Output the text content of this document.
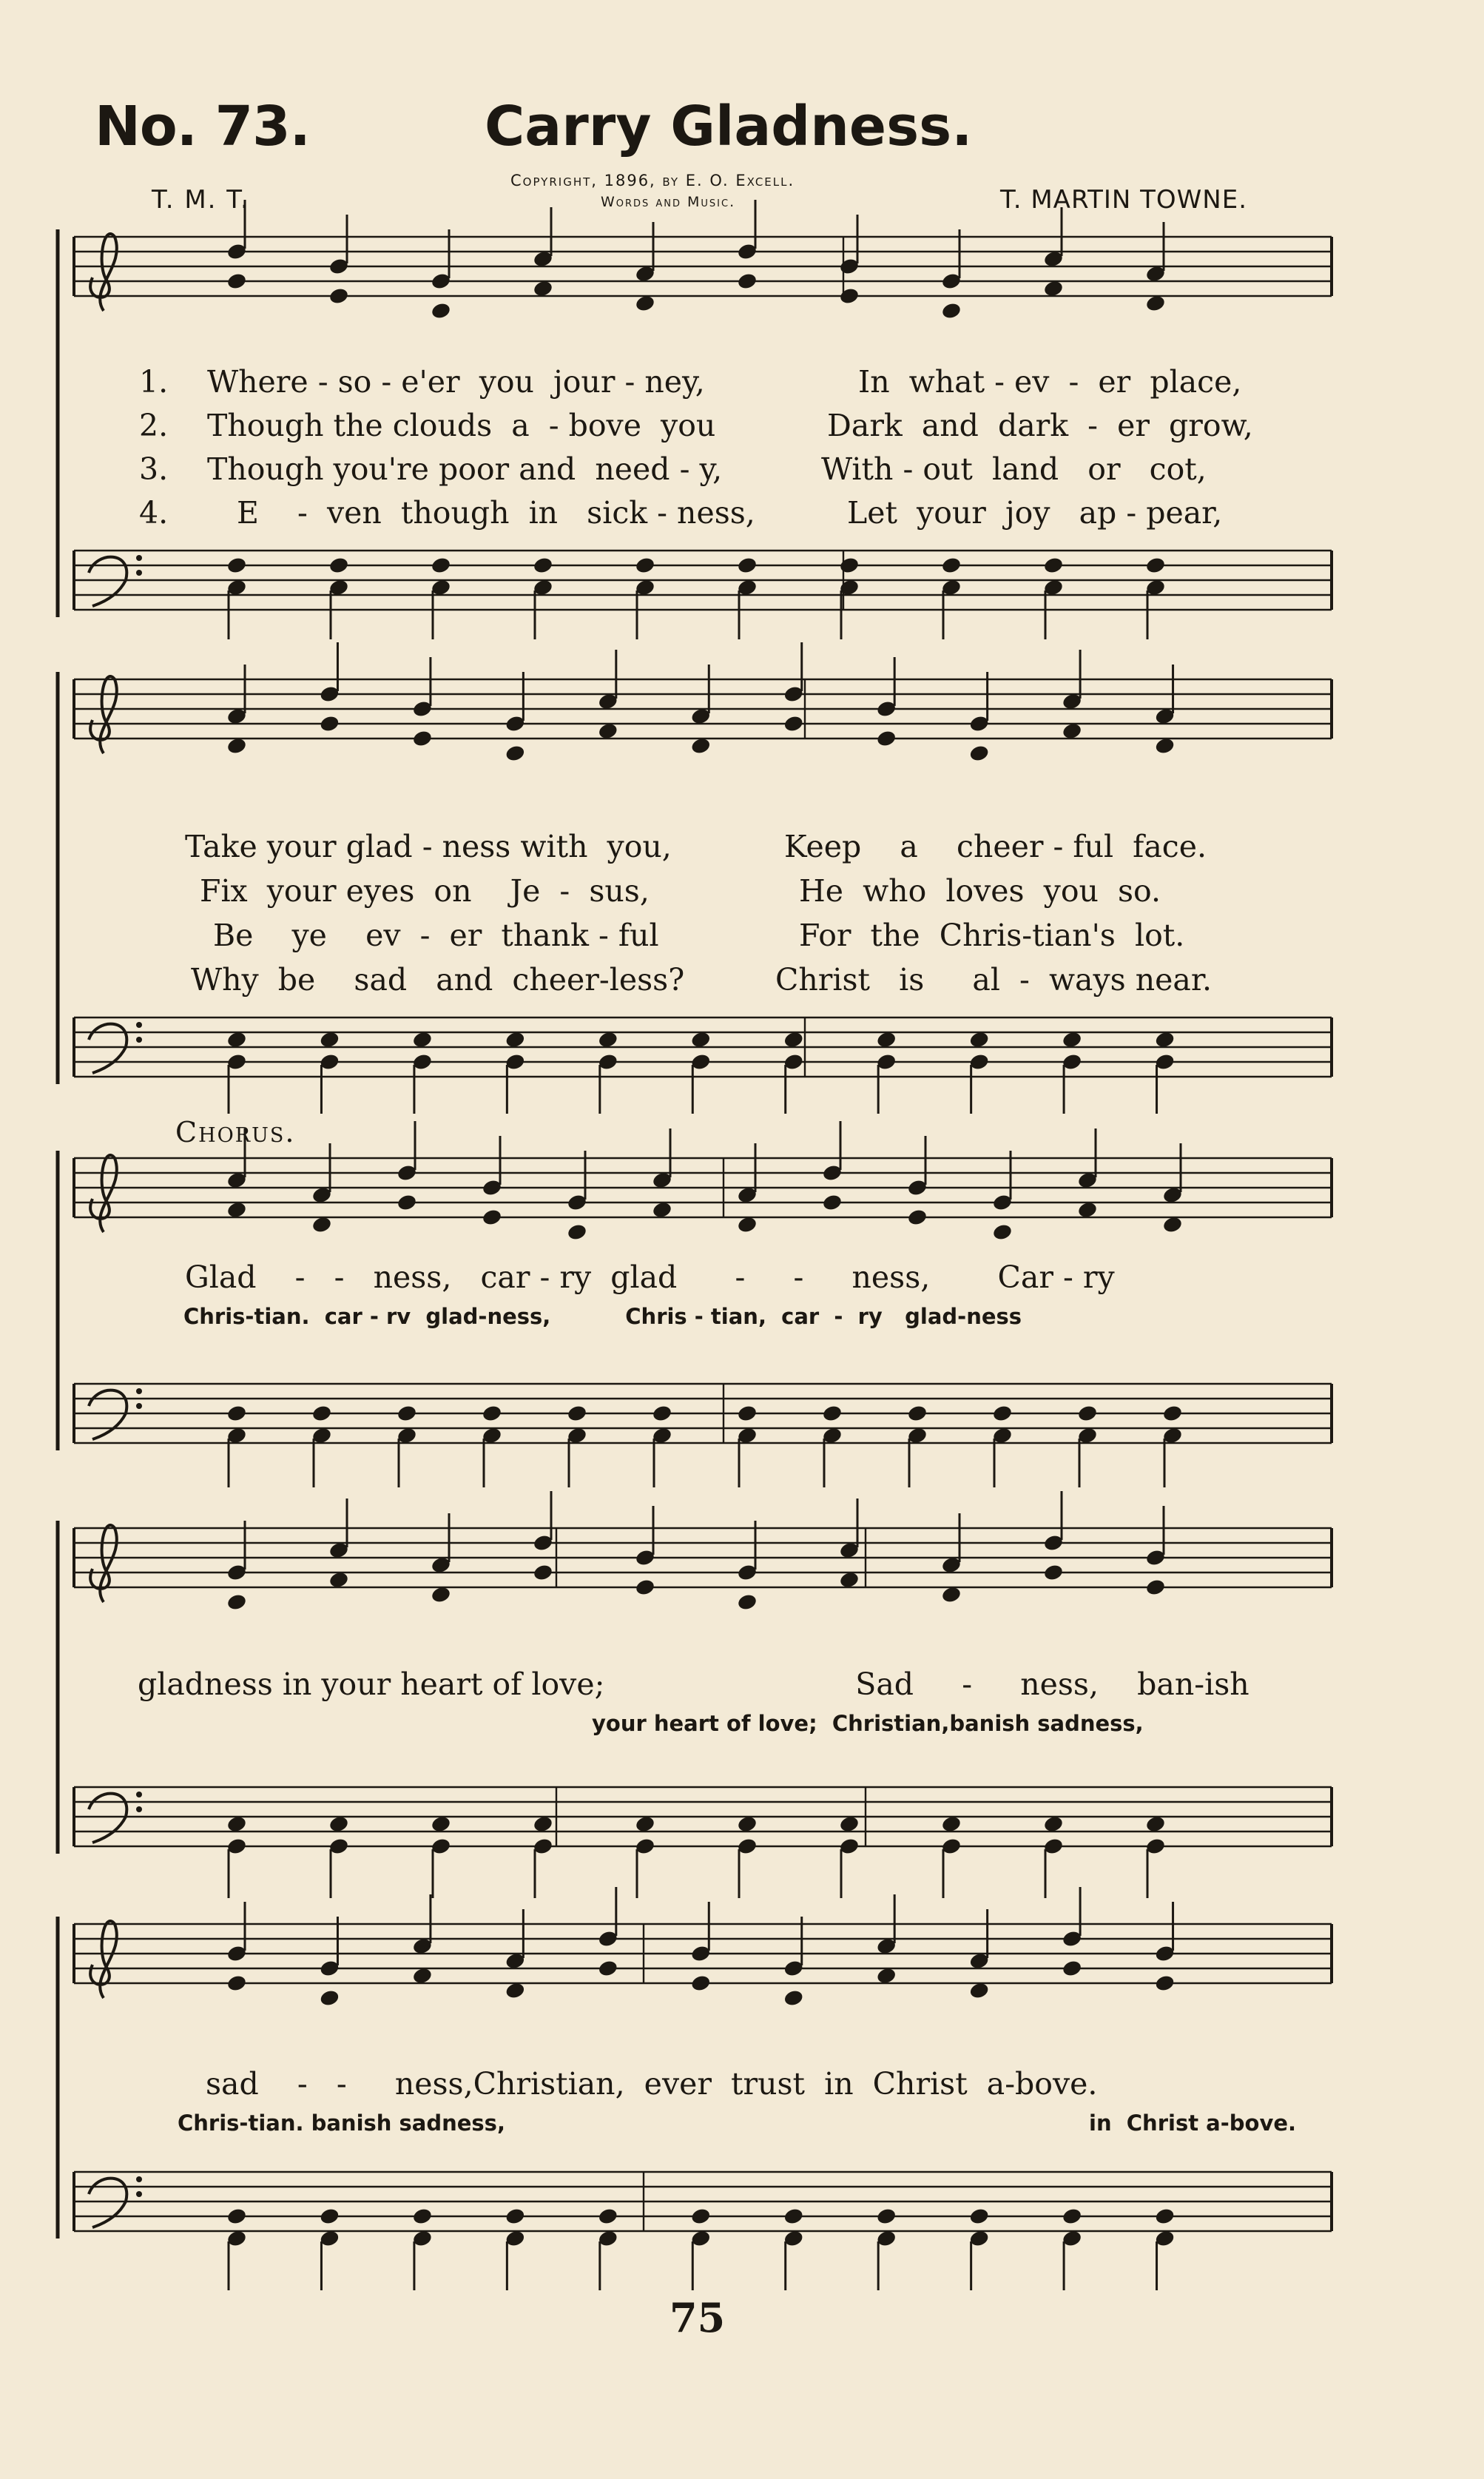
No. 73.	Carry Gladness.
Copyright, 1896, by E. O. Excell.
Words and Music.
T. M. T.	T. MARTIN TOWNE.
1. Where - so - e'er  you  jour - ney,	In  what - ev  -  er  place,
2. Though the clouds  a  - bove  you	Dark  and  dark  -  er  grow,
3. Though you're poor and  need - y,	With - out  land   or   cot,
4. E    -  ven  though  in   sick - ness,	Let  your  joy   ap - pear,
Take your glad - ness with  you,	Keep    a    cheer - ful  face.
Fix  your eyes  on    Je  -  sus,	He  who  loves  you  so.
Be    ye    ev  -  er  thank - ful	For  the  Chris-tian's  lot.
Why  be    sad   and  cheer-less?	Christ   is     al  -  ways near.
Chorus.
Glad    -   -   ness,   car - ry  glad      -     -     ness,       Car - ry
Chris-tian.  car - rv  glad-ness,          Chris - tian,  car  -  ry   glad-ness
gladness in your heart of love;                          Sad     -     ness,    ban-ish
your heart of love;  Christian,banish sadness,
sad    -   -     ness,Christian,  ever  trust  in  Christ  a-bove.
Chris-tian. banish sadness,	in  Christ a-bove.
75
